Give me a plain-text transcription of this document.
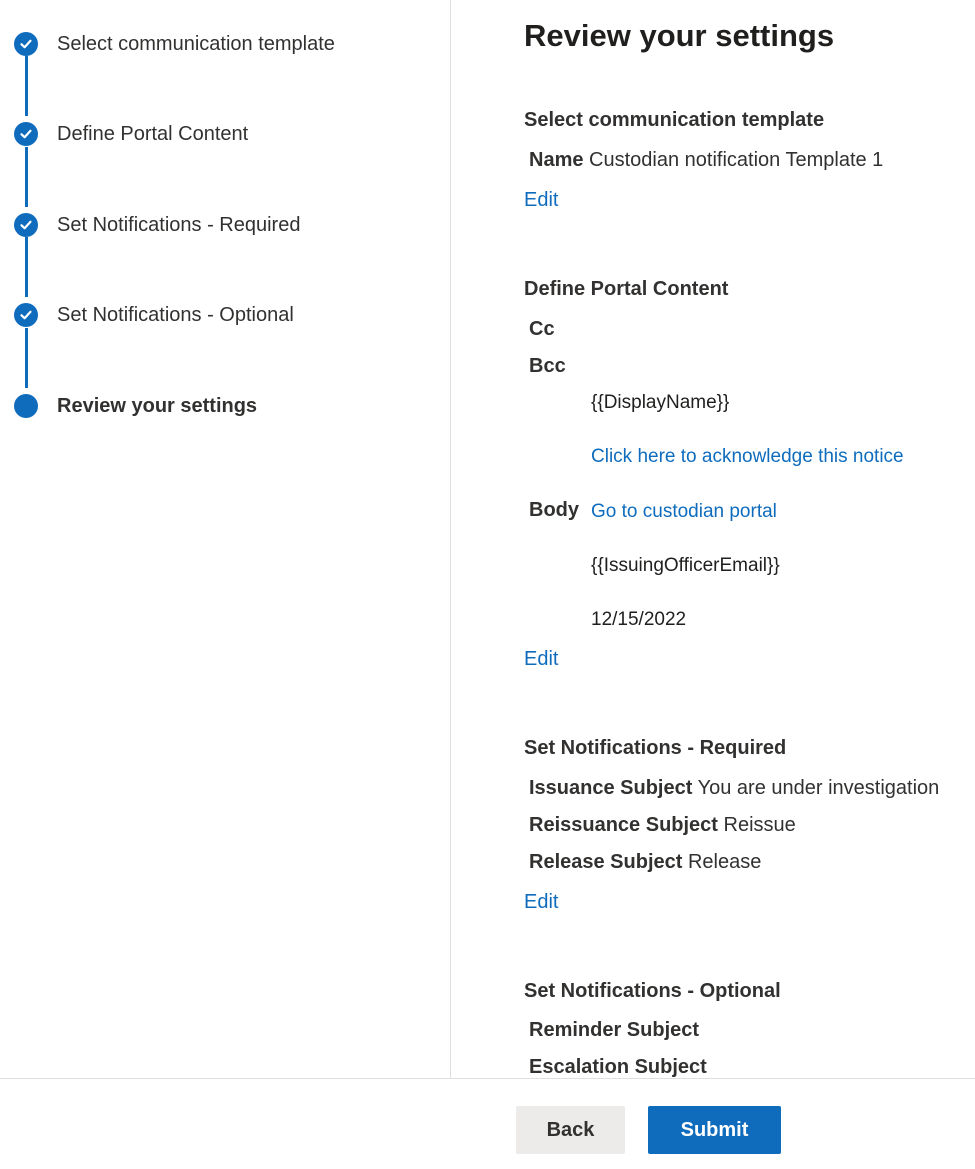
Select communication template
Define Portal Content
Set Notifications - Required
Set Notifications - Optional
Review your settings
Review your settings
Select communication template
Name Custodian notification Template 1
Edit
Define Portal Content
Cc
Bcc
{{DisplayName}}
Click here to acknowledge this notice
Body Go to custodian portal
{{IssuingOfficerEmail}}
12/15/2022
Edit
Set Notifications - Required
Issuance Subject You are under investigation
Reissuance Subject Reissue
Release Subject Release
Edit
Set Notifications - Optional
Reminder Subject
Escalation Subject
Back	Submit
